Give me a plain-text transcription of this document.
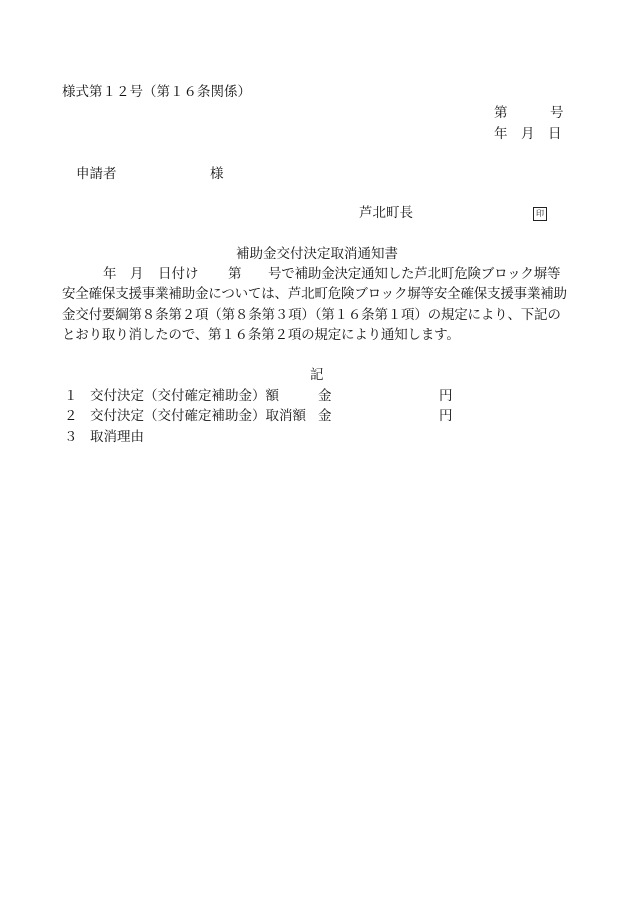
様式第１２号（第１６条関係）
第	号
年 月 日
申請者	様
芦北町長	印
補助金交付決定取消通知書
年 月 日付け 第 号で補助金決定通知した芦北町危険ブロック塀等
安全確保支援事業補助金については、芦北町危険ブロック塀等安全確保支援事業補助
金交付要綱第８条第２項（第８条第３項）（第１６条第１項）の規定により、下記の
とおり取り消したので、第１６条第２項の規定により通知します。
記
１ 交付決定（交付確定補助金）額	金	円
２ 交付決定（交付確定補助金）取消額 金	円
３ 取消理由
